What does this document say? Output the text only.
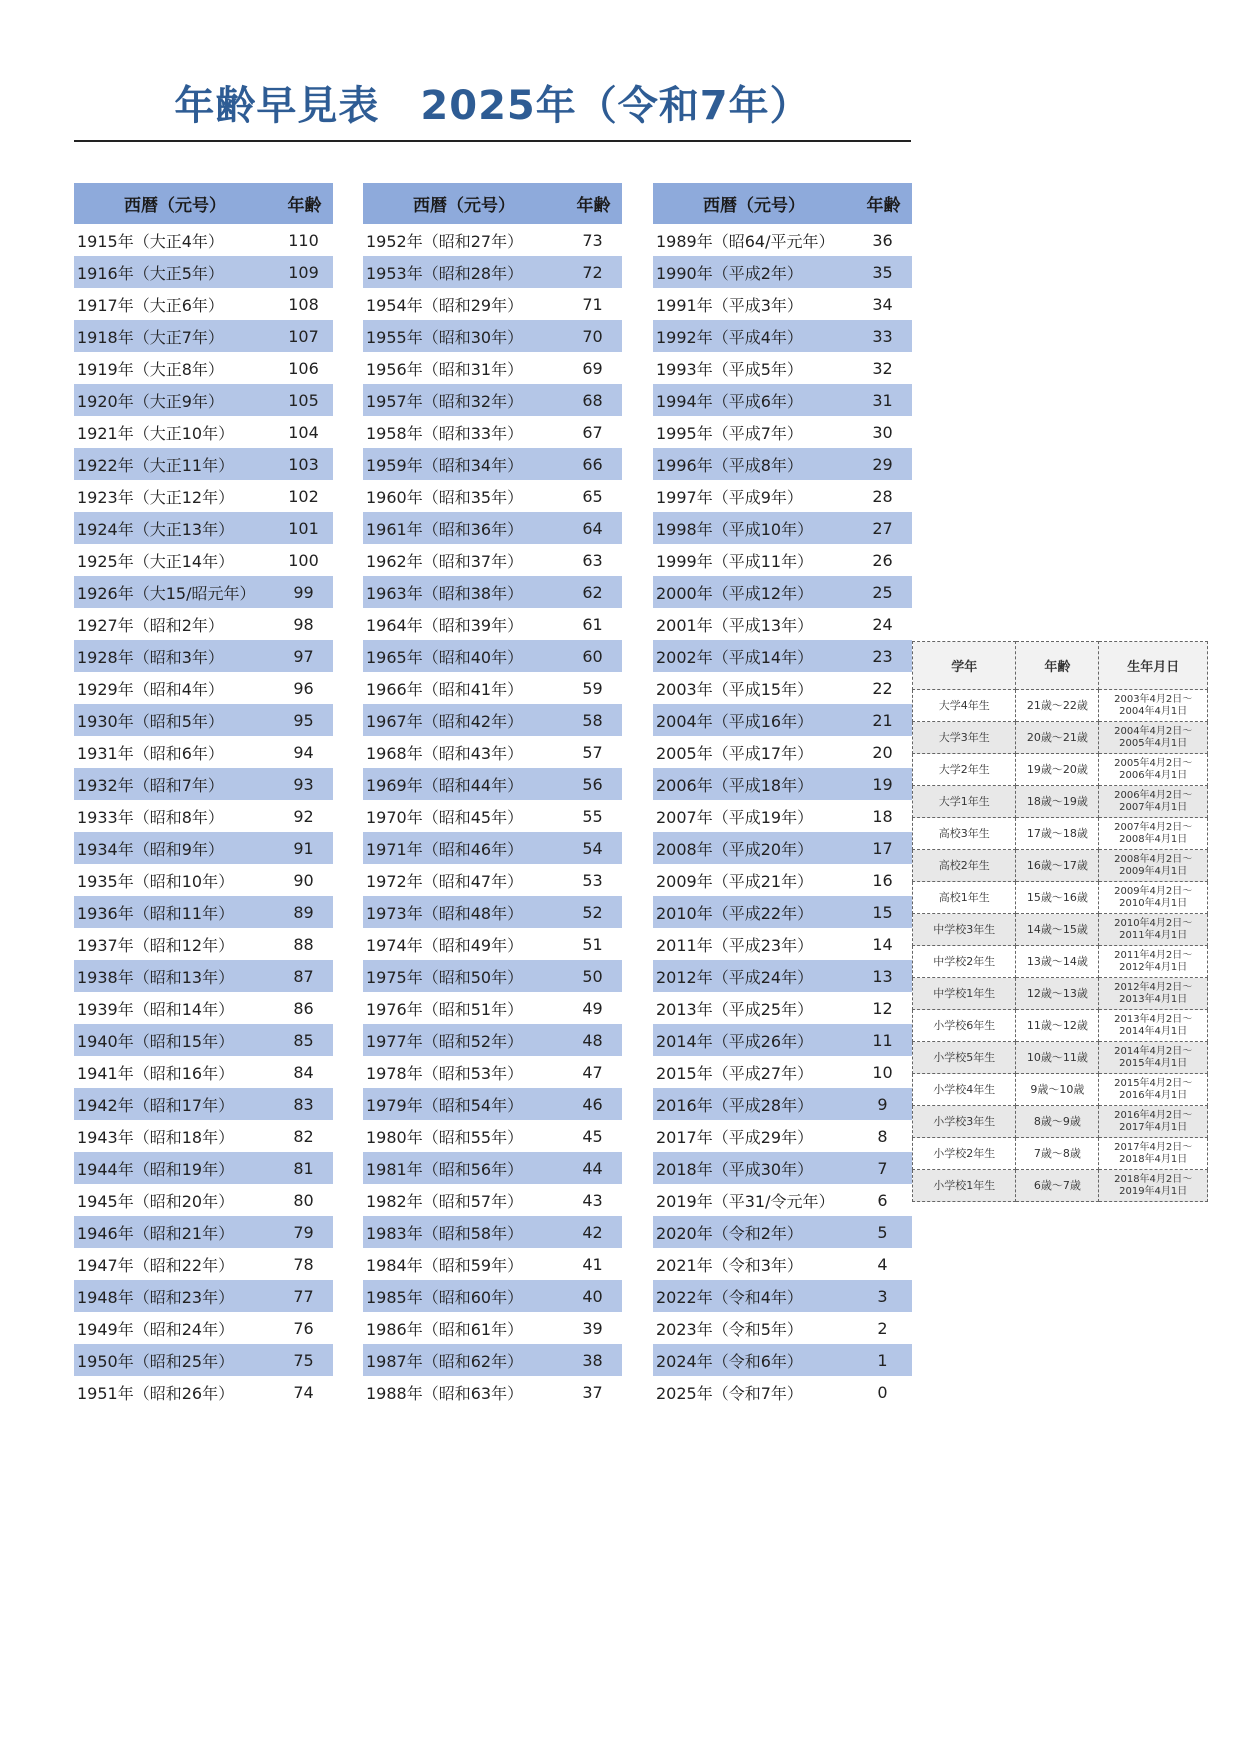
年齢早見表　2025年（令和7年）
西暦（元号）	年齢
1915年（大正4年）	110
1916年（大正5年）	109
1917年（大正6年）	108
1918年（大正7年）	107
1919年（大正8年）	106
1920年（大正9年）	105
1921年（大正10年）	104
1922年（大正11年）	103
1923年（大正12年）	102
1924年（大正13年）	101
1925年（大正14年）	100
1926年（大15/昭元年）	99
1927年（昭和2年）	98
1928年（昭和3年）	97
1929年（昭和4年）	96
1930年（昭和5年）	95
1931年（昭和6年）	94
1932年（昭和7年）	93
1933年（昭和8年）	92
1934年（昭和9年）	91
1935年（昭和10年）	90
1936年（昭和11年）	89
1937年（昭和12年）	88
1938年（昭和13年）	87
1939年（昭和14年）	86
1940年（昭和15年）	85
1941年（昭和16年）	84
1942年（昭和17年）	83
1943年（昭和18年）	82
1944年（昭和19年）	81
1945年（昭和20年）	80
1946年（昭和21年）	79
1947年（昭和22年）	78
1948年（昭和23年）	77
1949年（昭和24年）	76
1950年（昭和25年）	75
1951年（昭和26年）	74
西暦（元号）	年齢
1952年（昭和27年）	73
1953年（昭和28年）	72
1954年（昭和29年）	71
1955年（昭和30年）	70
1956年（昭和31年）	69
1957年（昭和32年）	68
1958年（昭和33年）	67
1959年（昭和34年）	66
1960年（昭和35年）	65
1961年（昭和36年）	64
1962年（昭和37年）	63
1963年（昭和38年）	62
1964年（昭和39年）	61
1965年（昭和40年）	60
1966年（昭和41年）	59
1967年（昭和42年）	58
1968年（昭和43年）	57
1969年（昭和44年）	56
1970年（昭和45年）	55
1971年（昭和46年）	54
1972年（昭和47年）	53
1973年（昭和48年）	52
1974年（昭和49年）	51
1975年（昭和50年）	50
1976年（昭和51年）	49
1977年（昭和52年）	48
1978年（昭和53年）	47
1979年（昭和54年）	46
1980年（昭和55年）	45
1981年（昭和56年）	44
1982年（昭和57年）	43
1983年（昭和58年）	42
1984年（昭和59年）	41
1985年（昭和60年）	40
1986年（昭和61年）	39
1987年（昭和62年）	38
1988年（昭和63年）	37
西暦（元号）	年齢
1989年（昭64/平元年）	36
1990年（平成2年）	35
1991年（平成3年）	34
1992年（平成4年）	33
1993年（平成5年）	32
1994年（平成6年）	31
1995年（平成7年）	30
1996年（平成8年）	29
1997年（平成9年）	28
1998年（平成10年）	27
1999年（平成11年）	26
2000年（平成12年）	25
2001年（平成13年）	24
2002年（平成14年）	23
2003年（平成15年）	22
2004年（平成16年）	21
2005年（平成17年）	20
2006年（平成18年）	19
2007年（平成19年）	18
2008年（平成20年）	17
2009年（平成21年）	16
2010年（平成22年）	15
2011年（平成23年）	14
2012年（平成24年）	13
2013年（平成25年）	12
2014年（平成26年）	11
2015年（平成27年）	10
2016年（平成28年）	9
2017年（平成29年）	8
2018年（平成30年）	7
2019年（平31/令元年）	6
2020年（令和2年）	5
2021年（令和3年）	4
2022年（令和4年）	3
2023年（令和5年）	2
2024年（令和6年）	1
2025年（令和7年）	0
学年	年齢	生年月日
大学4年生	21歳〜22歳	2003年4月2日〜
2004年4月1日

大学3年生	20歳〜21歳	2004年4月2日〜
2005年4月1日

大学2年生	19歳〜20歳	2005年4月2日〜
2006年4月1日

大学1年生	18歳〜19歳	2006年4月2日〜
2007年4月1日

高校3年生	17歳〜18歳	2007年4月2日〜
2008年4月1日

高校2年生	16歳〜17歳	2008年4月2日〜
2009年4月1日

高校1年生	15歳〜16歳	2009年4月2日〜
2010年4月1日

中学校3年生	14歳〜15歳	2010年4月2日〜
2011年4月1日

中学校2年生	13歳〜14歳	2011年4月2日〜
2012年4月1日

中学校1年生	12歳〜13歳	2012年4月2日〜
2013年4月1日

小学校6年生	11歳〜12歳	2013年4月2日〜
2014年4月1日

小学校5年生	10歳〜11歳	2014年4月2日〜
2015年4月1日

小学校4年生	9歳〜10歳	2015年4月2日〜
2016年4月1日

小学校3年生	8歳〜9歳	2016年4月2日〜
2017年4月1日

小学校2年生	7歳〜8歳	2017年4月2日〜
2018年4月1日

小学校1年生	6歳〜7歳	2018年4月2日〜
2019年4月1日
